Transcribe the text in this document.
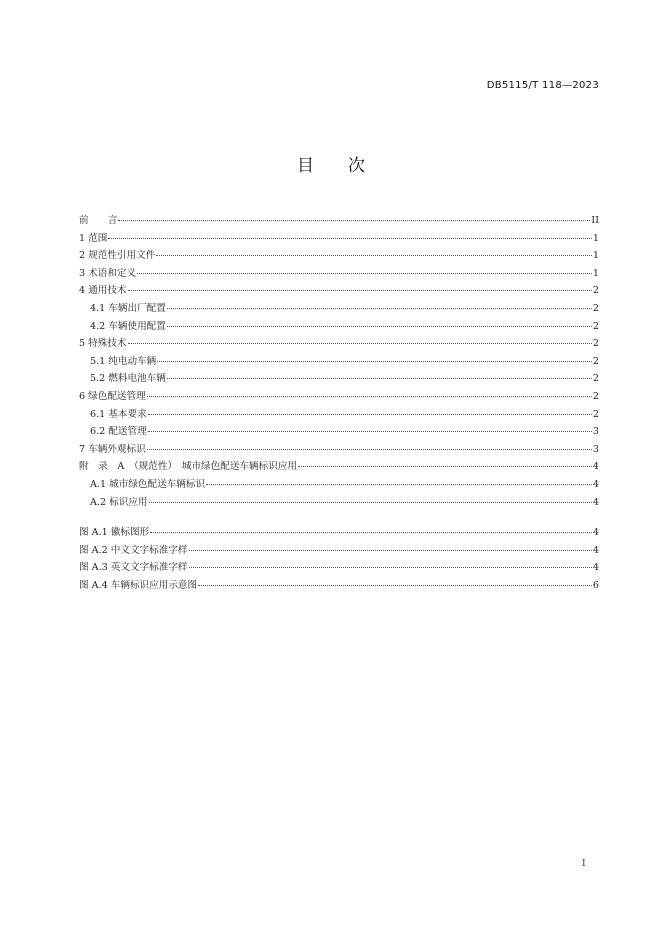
DB5115/T 118—2023
目 次
前　　言	II
1 范围	1
2 规范性引用文件	1
3 术语和定义	1
4 通用技术	2
4.1 车辆出厂配置	2
4.2 车辆使用配置	2
5 特殊技术	2
5.1 纯电动车辆	2
5.2 燃料电池车辆	2
6 绿色配送管理	2
6.1 基本要求	2
6.2 配送管理	3
7 车辆外观标识	3
附　录　A　（规范性）　城市绿色配送车辆标识应用	4
A.1 城市绿色配送车辆标识	4
A.2 标识应用	4
图 A.1 徽标图形	4
图 A.2 中文文字标准字样	4
图 A.3 英文文字标准字样	4
图 A.4 车辆标识应用示意图	6
I
